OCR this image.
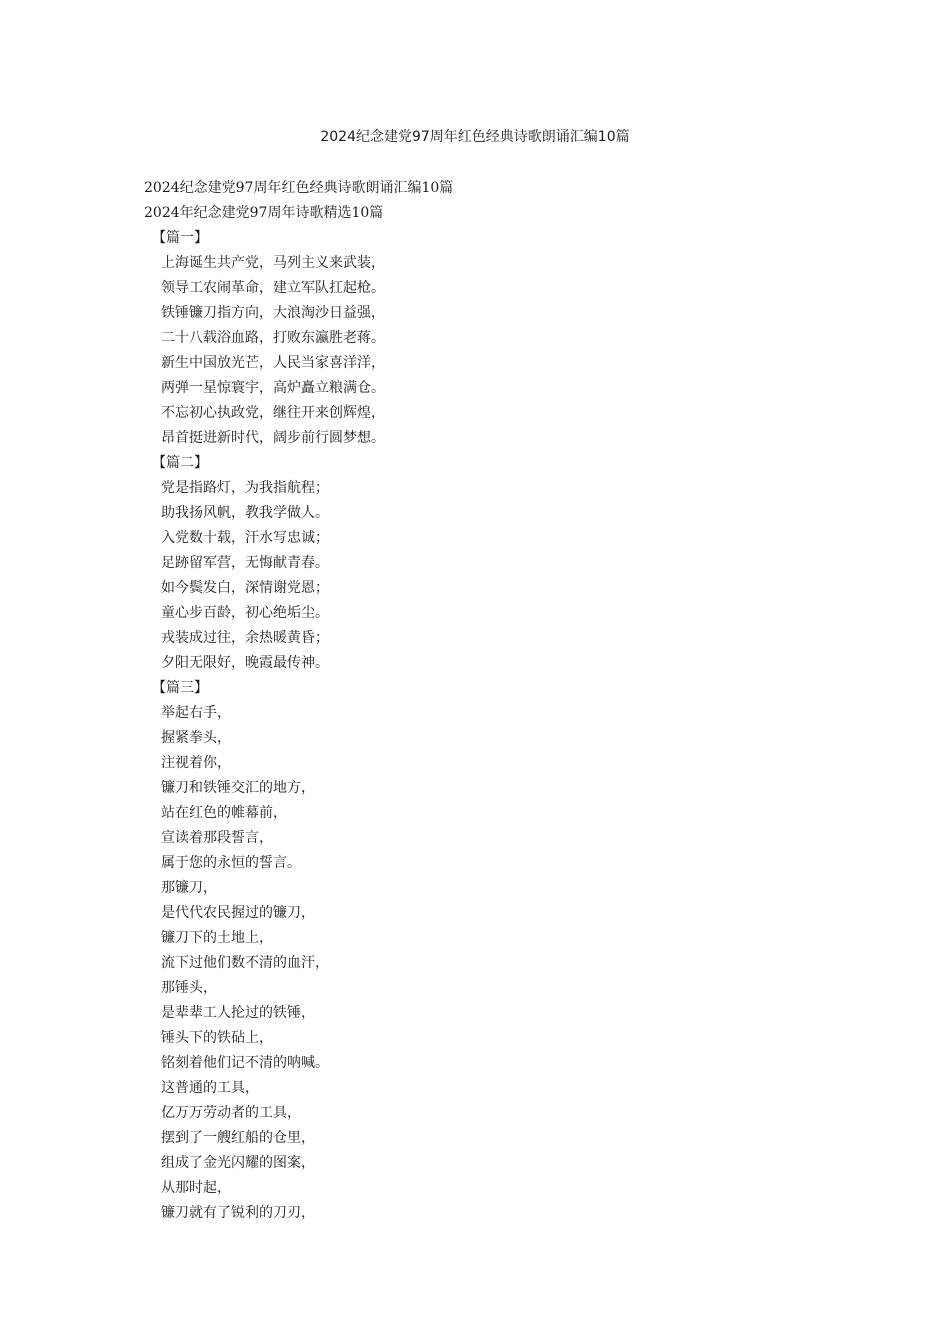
2024纪念建党97周年红色经典诗歌朗诵汇编10篇
2024纪念建党97周年红色经典诗歌朗诵汇编10篇
2024年纪念建党97周年诗歌精选10篇
【篇一】
上海诞生共产党，马列主义来武装，
领导工农闹革命，建立军队扛起枪。
铁锤镰刀指方向，大浪淘沙日益强，
二十八载浴血路，打败东瀛胜老蒋。
新生中国放光芒，人民当家喜洋洋，
两弹一星惊寰宇，高炉矗立粮满仓。
不忘初心执政党，继往开来创辉煌，
昂首挺进新时代，阔步前行圆梦想。
【篇二】
党是指路灯，为我指航程；
助我扬风帆，教我学做人。
入党数十载，汗水写忠诚；
足跡留军营，无悔献青春。
如今鬓发白，深情谢党恩；
童心步百龄，初心绝垢尘。
戎装成过往，余热暖黄昏；
夕阳无限好，晚霞最传神。
【篇三】
举起右手，
握紧拳头，
注视着你，
镰刀和铁锤交汇的地方，
站在红色的帷幕前，
宣读着那段誓言，
属于您的永恒的誓言。
那镰刀，
是代代农民握过的镰刀，
镰刀下的土地上，
流下过他们数不清的血汗，
那锤头，
是辈辈工人抡过的铁锤，
锤头下的铁砧上，
铭刻着他们记不清的呐喊。
这普通的工具，
亿万万劳动者的工具，
摆到了一艘红船的仓里，
组成了金光闪耀的图案，
从那时起，
镰刀就有了锐利的刀刃，
